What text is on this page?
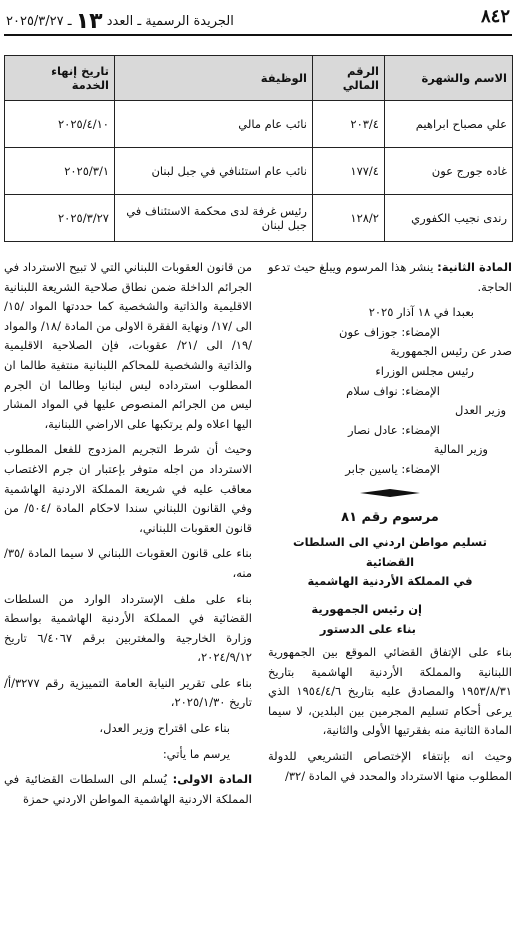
٨٤٢
الجريدة الرسمية ـ العدد ١٣ ـ ٢٠٢٥/٣/٢٧
الاسم والشهرة	الرقم المالي	الوظيفة	تاريخ إنهاء الخدمة
علي مصباح ابراهيم	٢٠٣/٤	نائب عام مالي	٢٠٢٥/٤/١٠
غاده جورج عون	١٧٧/٤	نائب عام استئنافي في جبل لبنان	٢٠٢٥/٣/١
رندى نجيب الكفوري	١٢٨/٢	رئيس غرفة لدى محكمة الاستئناف في جبل لبنان	٢٠٢٥/٣/٢٧

المادة الثانية: ينشر هذا المرسوم ويبلغ حيث تدعو الحاجة.

بعبدا في ١٨ آذار ٢٠٢٥
الإمضاء: جوزاف عون
صدر عن رئيس الجمهورية
رئيس مجلس الوزراء
الإمضاء: نواف سلام
وزير العدل
الإمضاء: عادل نصار
وزير المالية
الإمضاء: ياسين جابر
مرسوم رقم ٨١
تسليم مواطن اردني الى السلطات القضائية
في المملكة الأردنية الهاشمية
إن رئيس الجمهورية
بناء على الدستور

بناء على الإتفاق القضائي الموقع بين الجمهورية اللبنانية والمملكة الأردنية الهاشمية بتاريخ ١٩٥٣/٨/٣١ والمصادق عليه بتاريخ ١٩٥٤/٤/٦ الذي يرعى أحكام تسليم المجرمين بين البلدين، لا سيما المادة الثانية منه بفقرتيها الأولى والثانية،

وحيث انه بإنتفاء الإختصاص التشريعي للدولة المطلوب منها الاسترداد والمحدد في المادة /٣٢/

من قانون العقوبات اللبناني التي لا تبيح الاسترداد في الجرائم الداخلة ضمن نطاق صلاحية الشريعة اللبنانية الاقليمية والذاتية والشخصية كما حددتها المواد /١٥/ الى /١٧/ ونهاية الفقرة الاولى من المادة /١٨/ والمواد /١٩/ الى /٢١/ عقوبات، فإن الصلاحية الاقليمية والذاتية والشخصية للمحاكم اللبنانية منتفية طالما ان المطلوب استرداده ليس لبنانيا وطالما ان الجرم ليس من الجرائم المنصوص عليها في المواد المشار اليها اعلاه ولم يرتكبها على الاراضي اللبنانية،

وحيث أن شرط التجريم المزدوج للفعل المطلوب الاسترداد من اجله متوفر بإعتبار ان جرم الاغتصاب معاقب عليه في شريعة المملكة الاردنية الهاشمية وفي القانون اللبناني سندا لاحكام المادة /٥٠٤/ من قانون العقوبات اللبناني،

بناء على قانون العقوبات اللبناني لا سيما المادة /٣٥/ منه،

بناء على ملف الإسترداد الوارد من السلطات القضائية في المملكة الأردنية الهاشمية بواسطة وزارة الخارجية والمغتربين برقم ٦/٤٠٦٧ تاريخ ٢٠٢٤/٩/١٢،

بناء على تقرير النيابة العامة التمييزية رقم ٣٢٧٧/أ/ تاريخ ٢٠٢٥/١/٣٠،

بناء على اقتراح وزير العدل،

يرسم ما يأتي:

المادة الاولى: يُسلم الى السلطات القضائية في المملكة الاردنية الهاشمية المواطن الاردني حمزة
